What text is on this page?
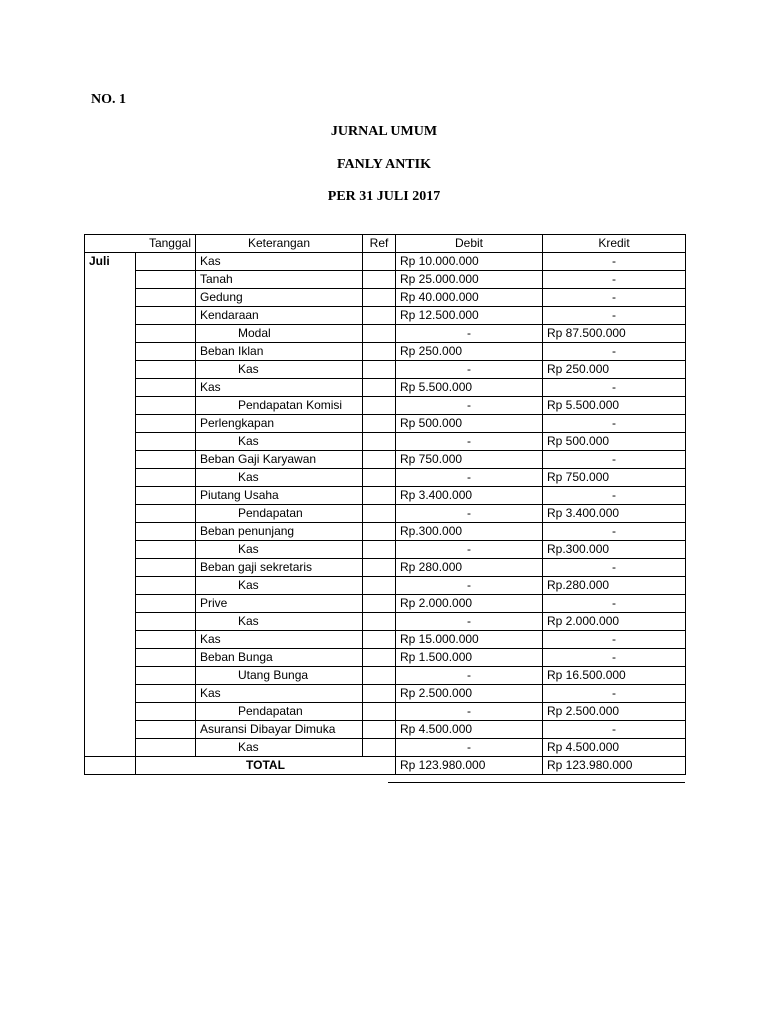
NO. 1
JURNAL UMUM
FANLY ANTIK
PER 31 JULI 2017
Tanggal		Keterangan	Ref	Debit	Kredit
Juli		Kas		Rp 10.000.000	-
		Tanah		Rp 25.000.000	-
		Gedung		Rp 40.000.000	-
		Kendaraan		Rp 12.500.000	-
		Modal		-	Rp 87.500.000
		Beban Iklan		Rp 250.000	-
		Kas		-	Rp 250.000
		Kas		Rp 5.500.000	-
		Pendapatan Komisi		-	Rp 5.500.000
		Perlengkapan		Rp 500.000	-
		Kas		-	Rp 500.000
		Beban Gaji Karyawan		Rp 750.000	-
		Kas		-	Rp 750.000
		Piutang Usaha		Rp 3.400.000	-
		Pendapatan		-	Rp 3.400.000
		Beban penunjang		Rp.300.000	-
		Kas		-	Rp.300.000
		Beban gaji sekretaris		Rp 280.000	-
		Kas		-	Rp.280.000
		Prive		Rp 2.000.000	-
		Kas		-	Rp 2.000.000
		Kas		Rp 15.000.000	-
		Beban Bunga		Rp 1.500.000	-
		Utang Bunga		-	Rp 16.500.000
		Kas		Rp 2.500.000	-
		Pendapatan		-	Rp 2.500.000
		Asuransi Dibayar Dimuka		Rp 4.500.000	-
		Kas		-	Rp 4.500.000
	TOTAL			Rp 123.980.000	Rp 123.980.000
